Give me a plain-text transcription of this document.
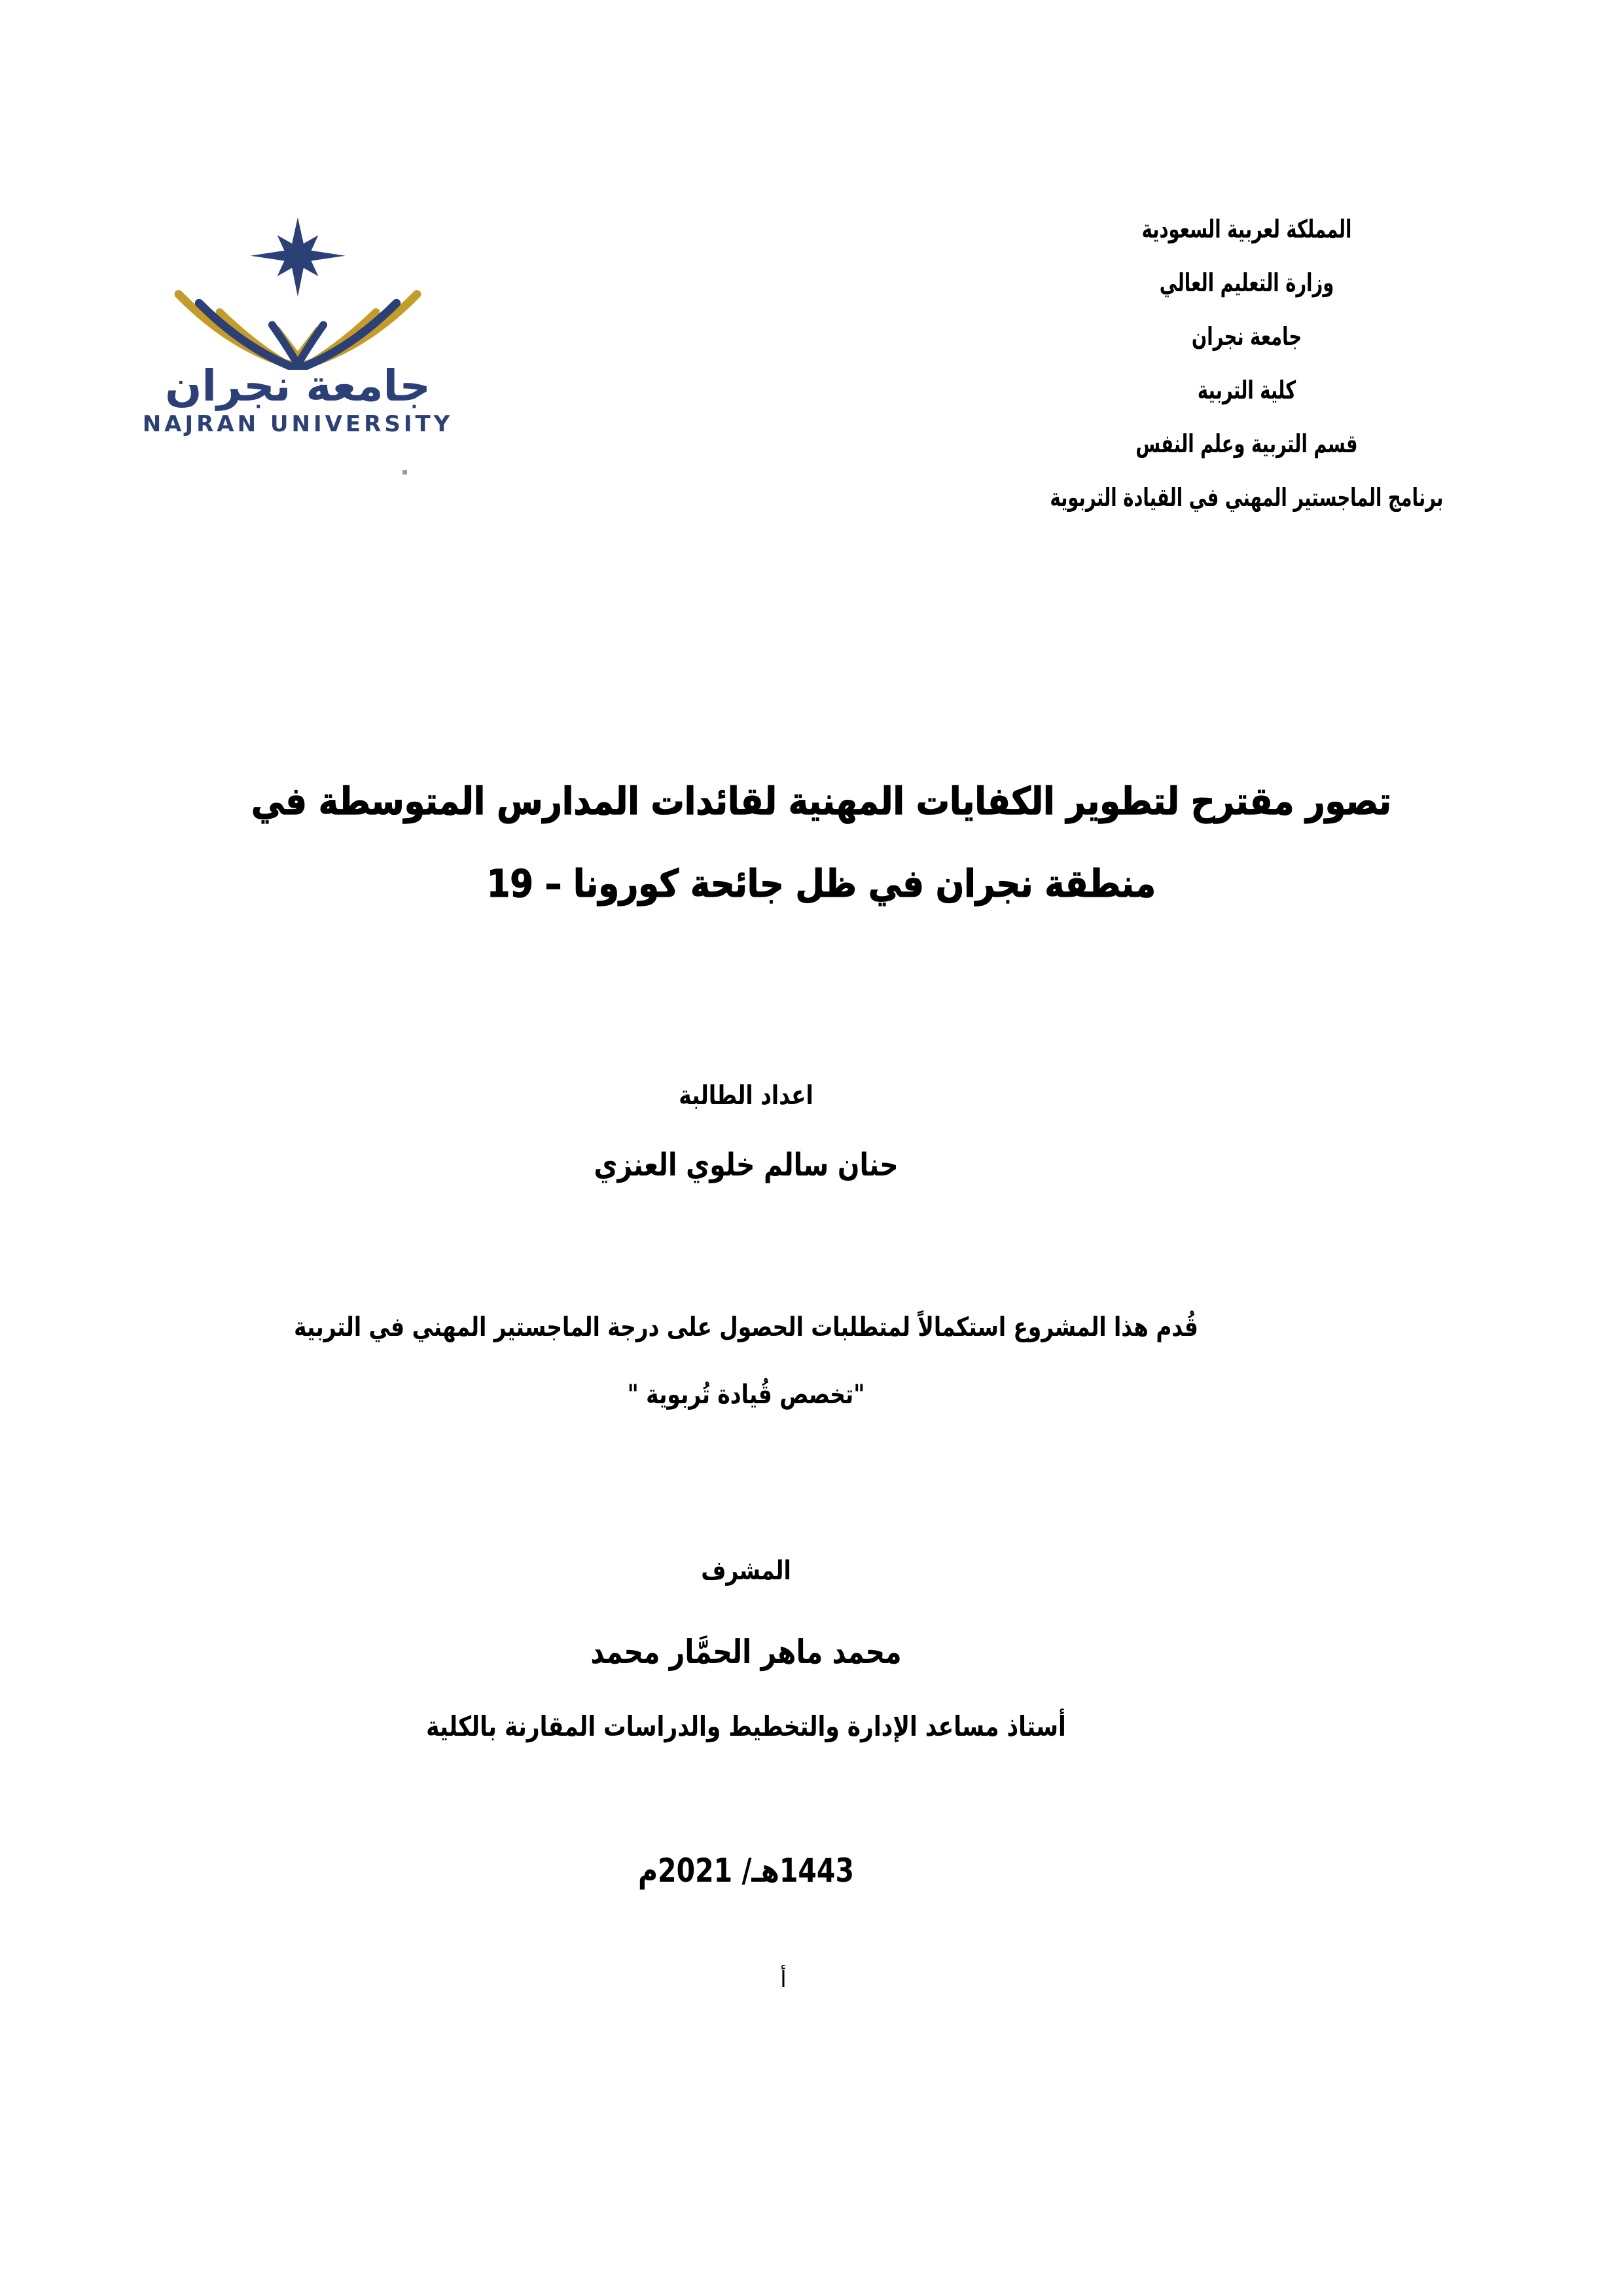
المملكة لعربية السعودية
وزارة التعليم العالي
جامعة نجران
كلية التربية
قسم التربية وعلم النفس
برنامج الماجستير المهني في القيادة التربوية
جامعة نجران
NAJRAN UNIVERSITY
تصور مقترح لتطوير الكفايات المهنية لقائدات المدارس المتوسطة في
منطقة نجران في ظل جائحة كورونا – 19
اعداد الطالبة
حنان سالم خلوي العنزي
قُدم هذا المشروع استكمالاً لمتطلبات الحصول على درجة الماجستير المهني في التربية
"تخصص قُيادة تُربوية "
المشرف
محمد ماهر الحمَّار محمد
أستاذ مساعد الإدارة والتخطيط والدراسات المقارنة بالكلية
1443هـ/ 2021م
أ
